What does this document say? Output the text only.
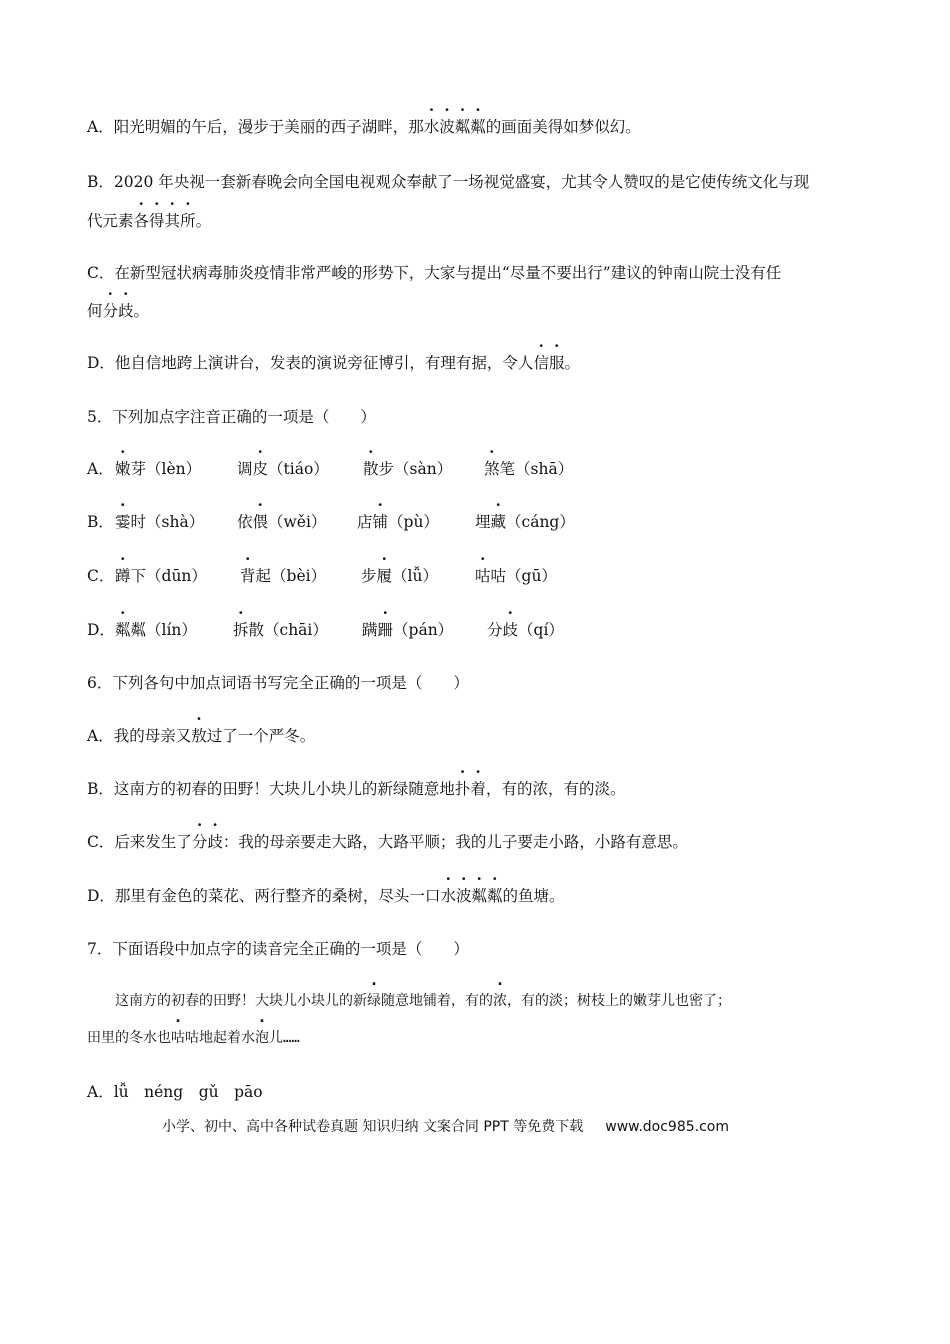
A．阳光明媚的午后，漫步于美丽的西子湖畔，那水波粼粼的画面美得如梦似幻。
B．2020 年央视一套新春晚会向全国电视观众奉献了一场视觉盛宴，尤其令人赞叹的是它使传统文化与现
代元素各得其所。
C．在新型冠状病毒肺炎疫情非常严峻的形势下，大家与提出“尽量不要出行”建议的钟南山院士没有任
何分歧。
D．他自信地跨上演讲台，发表的演说旁征博引，有理有据，令人信服。
5．下列加点字注音正确的一项是（　　）
A． 嫩芽（lèn） 调皮（tiáo） 散步（sàn） 煞笔（shā）
B． 霎时（shà） 依偎（wěi） 店铺（pù） 埋藏（cáng）
C． 蹲下（dūn） 背起（bèi） 步履（lǚ） 咕咕（gū）
D． 粼粼（lín） 拆散（chāi） 蹒跚（pán） 分歧（qí）
6．下列各句中加点词语书写完全正确的一项是（　　）
A．我的母亲又敖过了一个严冬。
B．这南方的初春的田野！大块儿小块儿的新绿随意地扑着，有的浓，有的淡。
C．后来发生了分歧：我的母亲要走大路，大路平顺；我的儿子要走小路，小路有意思。
D．那里有金色的菜花、两行整齐的桑树，尽头一口水波粼粼的鱼塘。
7．下面语段中加点字的读音完全正确的一项是（　　）
　　这南方的初春的田野！大块儿小块儿的新绿随意地铺着，有的浓，有的淡；树枝上的嫩芽儿也密了；
田里的冬水也咕咕地起着水泡儿……
A．lǚ　néng　gǔ　pāo
小学、初中、高中各种试卷真题 知识归纳 文案合同 PPT 等免费下载 www.doc985.com
